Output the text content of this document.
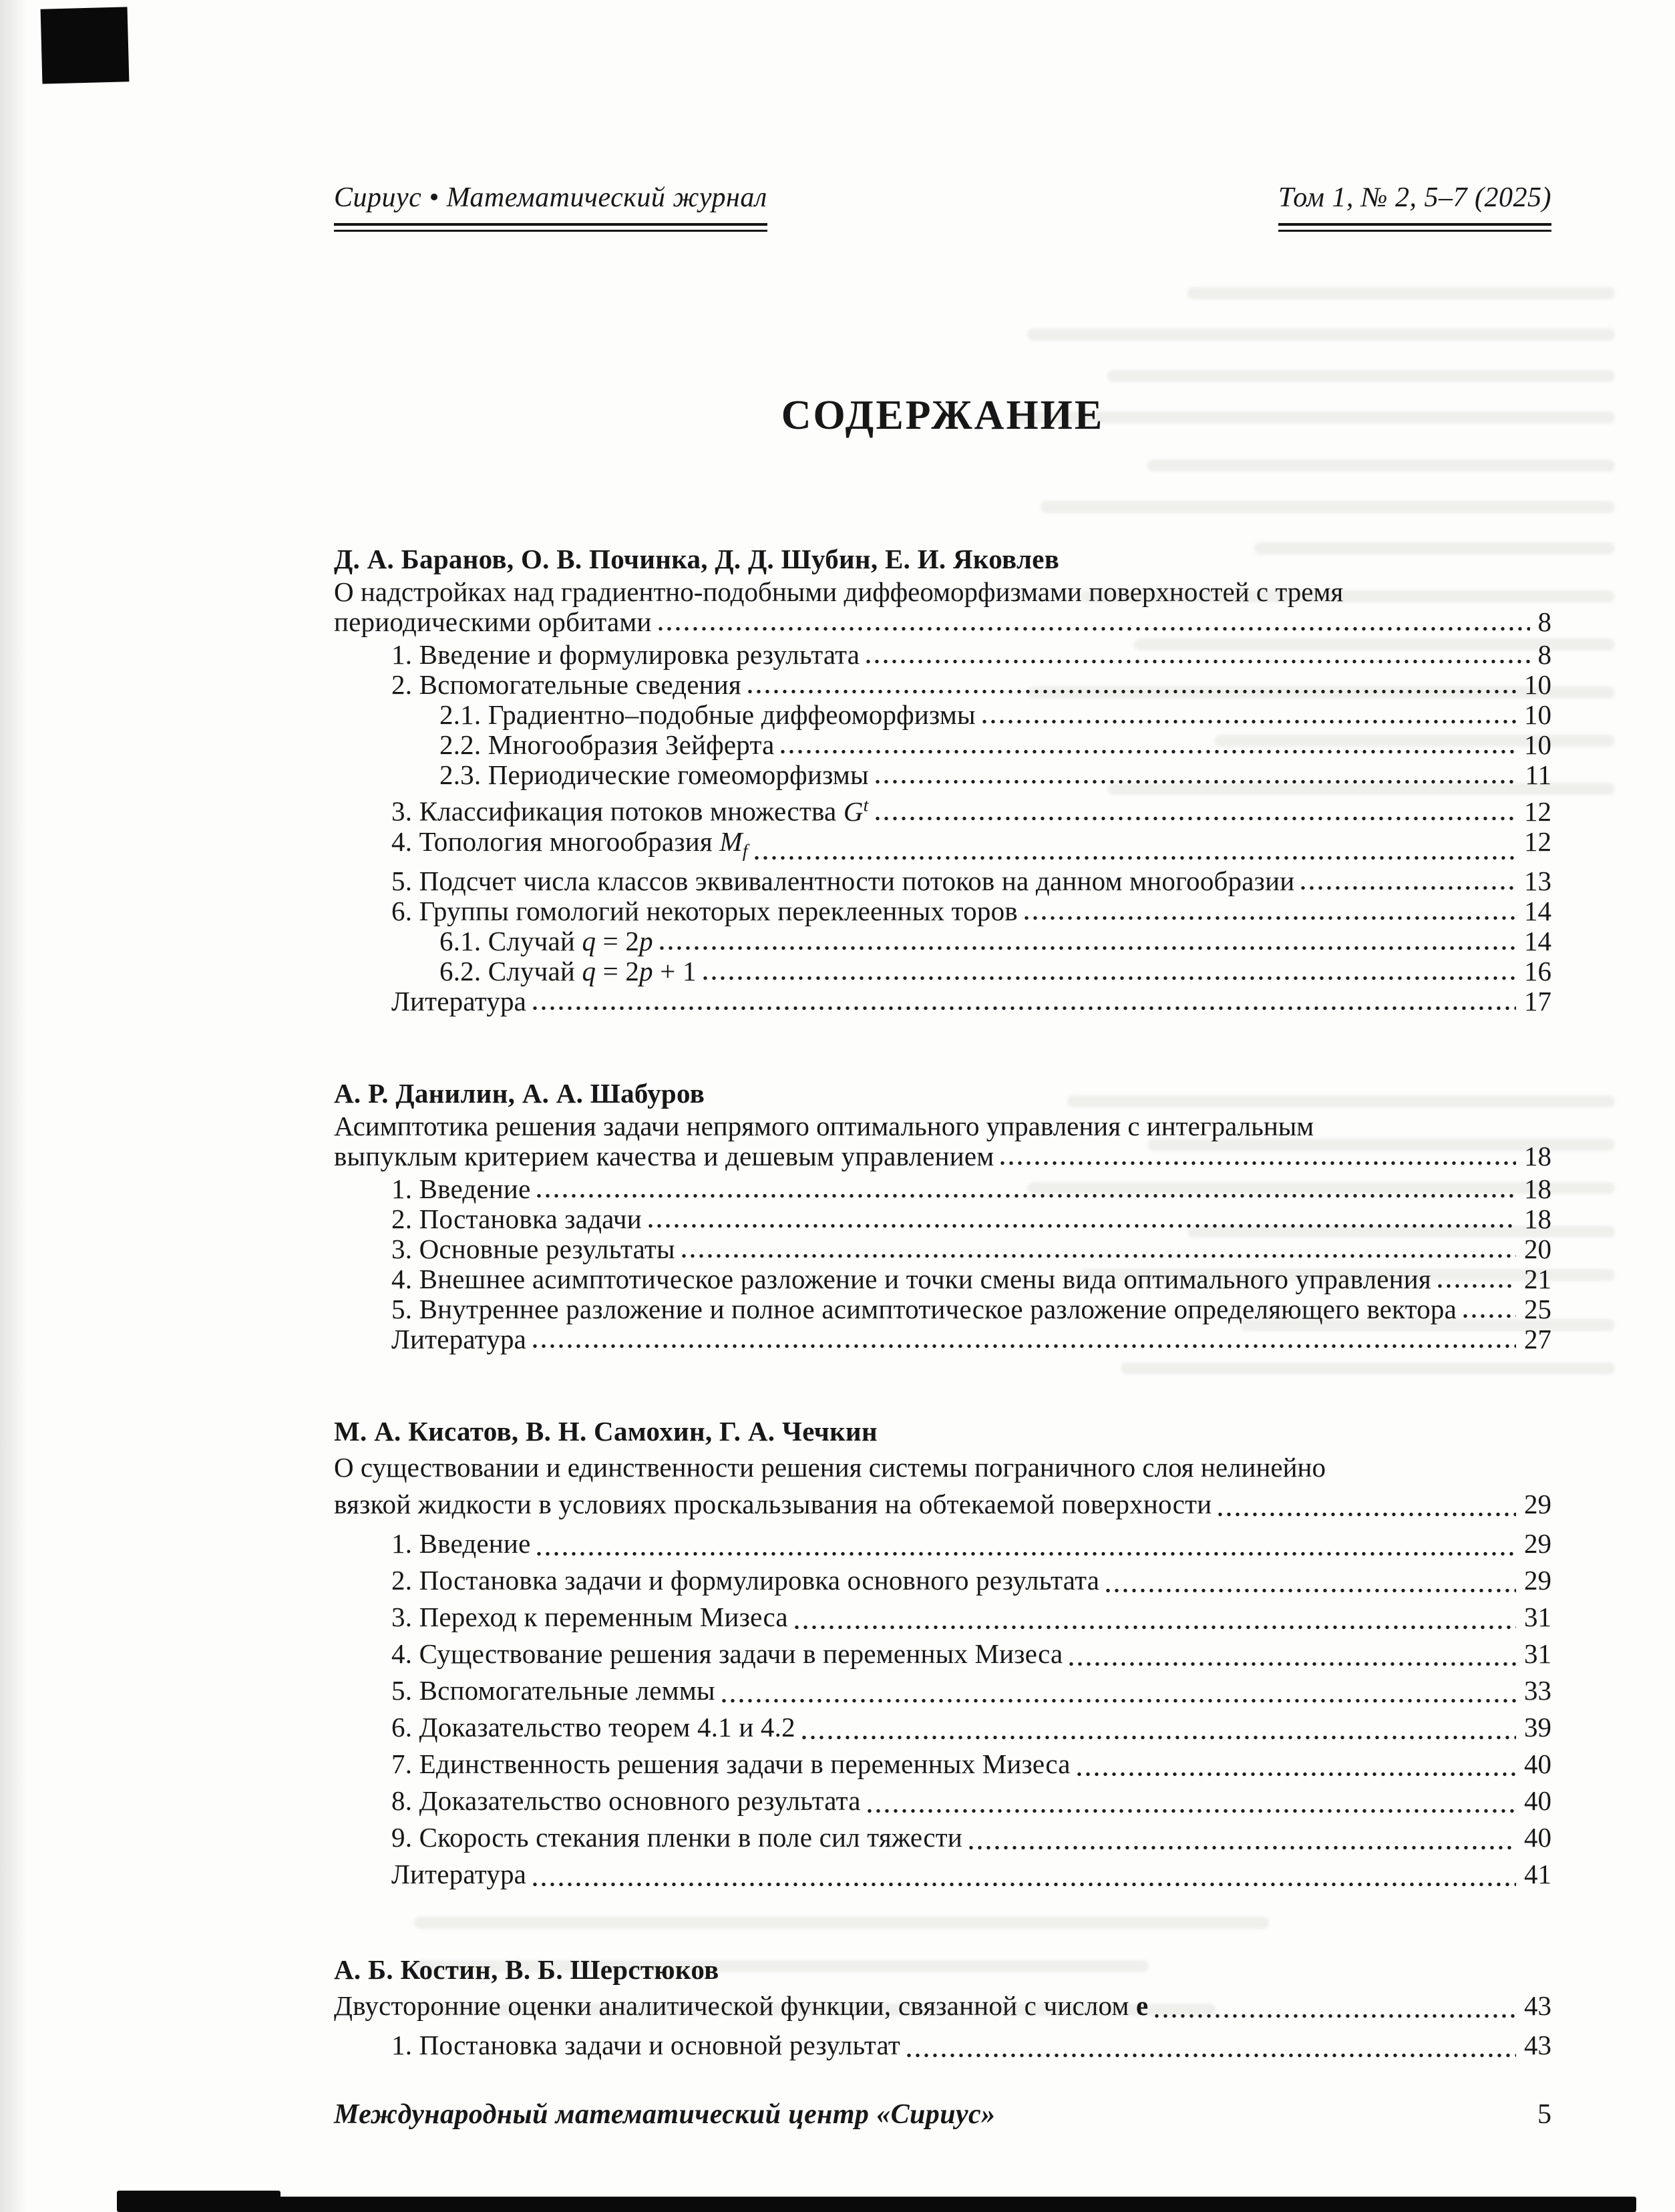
Сириус • Математический журнал	Том 1, № 2, 5–7 (2025)
СОДЕРЖАНИЕ
Д. А. Баранов, О. В. Починка, Д. Д. Шубин, Е. И. Яковлев
О надстройках над градиентно-подобными диффеоморфизмами поверхностей с тремя
периодическими орбитами	8
1. Введение и формулировка результата	8
2. Вспомогательные сведения	10
2.1. Градиентно–подобные диффеоморфизмы	10
2.2. Многообразия Зейферта	10
2.3. Периодические гомеоморфизмы	11
3. Классификация потоков множества $G^t$	12
4. Топология многообразия $M_f$	12
5. Подсчет числа классов эквивалентности потоков на данном многообразии	13
6. Группы гомологий некоторых переклеенных торов	14
6.1. Случай q = 2p	14
6.2. Случай q = 2p + 1	16
Литература	17
А. Р. Данилин, А. А. Шабуров
Асимптотика решения задачи непрямого оптимального управления с интегральным
выпуклым критерием качества и дешевым управлением	18
1. Введение	18
2. Постановка задачи	18
3. Основные результаты	20
4. Внешнее асимптотическое разложение и точки смены вида оптимального управления	21
5. Внутреннее разложение и полное асимптотическое разложение определяющего вектора 25
Литература	27
М. А. Кисатов, В. Н. Самохин, Г. А. Чечкин
О существовании и единственности решения системы пограничного слоя нелинейно
вязкой жидкости в условиях проскальзывания на обтекаемой поверхности	29
1. Введение	29
2. Постановка задачи и формулировка основного результата	29
3. Переход к переменным Мизеса	31
4. Существование решения задачи в переменных Мизеса	31
5. Вспомогательные леммы	33
6. Доказательство теорем 4.1 и 4.2	39
7. Единственность решения задачи в переменных Мизеса	40
8. Доказательство основного результата	40
9. Скорость стекания пленки в поле сил тяжести	40
Литература	41
А. Б. Костин, В. Б. Шерстюков
Двусторонние оценки аналитической функции, связанной с числом e	43
1. Постановка задачи и основной результат	43
Международный математический центр «Сириус»	5
